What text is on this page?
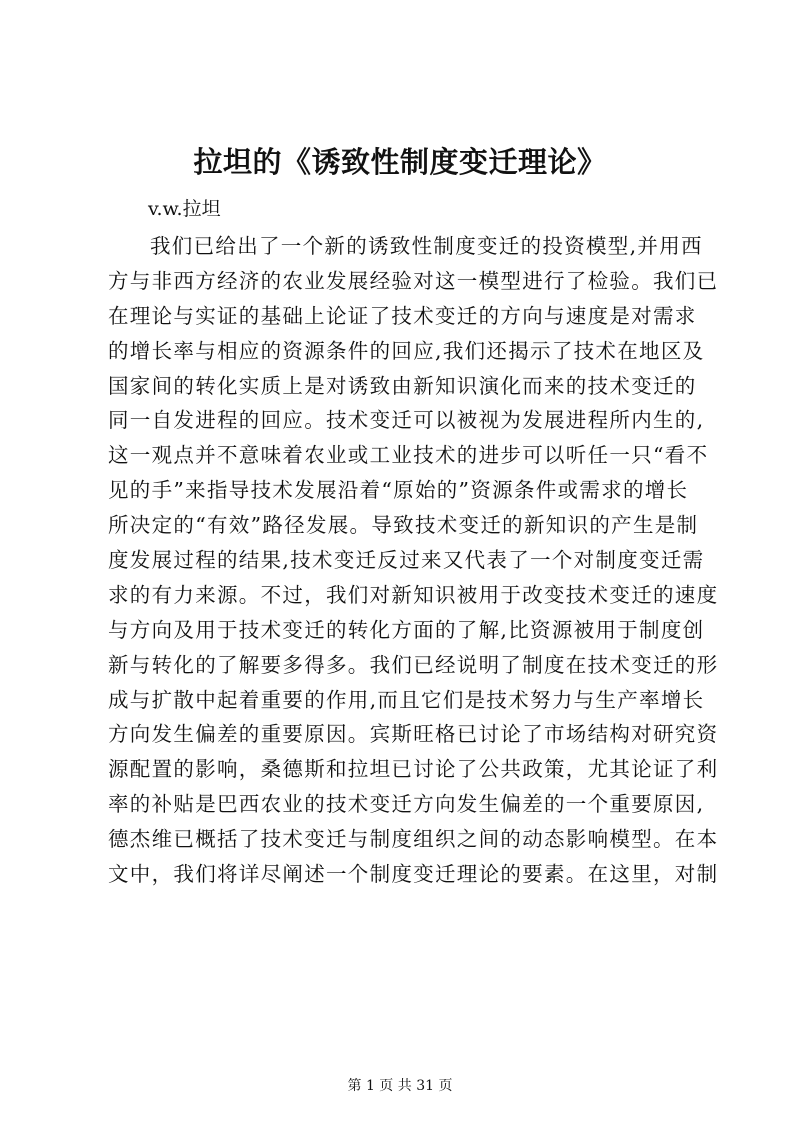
拉坦的《诱致性制度变迁理论》
v.w.拉坦
我们已给出了一个新的诱致性制度变迁的投资模型,并用西
方与非西方经济的农业发展经验对这一模型进行了检验。我们已
在理论与实证的基础上论证了技术变迁的方向与速度是对需求
的增长率与相应的资源条件的回应,我们还揭示了技术在地区及
国家间的转化实质上是对诱致由新知识演化而来的技术变迁的
同一自发进程的回应。技术变迁可以被视为发展进程所内生的,
这一观点并不意味着农业或工业技术的进步可以听任一只“看不
见的手”来指导技术发展沿着“原始的”资源条件或需求的增长
所决定的“有效”路径发展。导致技术变迁的新知识的产生是制
度发展过程的结果,技术变迁反过来又代表了一个对制度变迁需
求的有力来源。不过，我们对新知识被用于改变技术变迁的速度
与方向及用于技术变迁的转化方面的了解,比资源被用于制度创
新与转化的了解要多得多。我们已经说明了制度在技术变迁的形
成与扩散中起着重要的作用,而且它们是技术努力与生产率增长
方向发生偏差的重要原因。宾斯旺格已讨论了市场结构对研究资
源配置的影响，桑德斯和拉坦已讨论了公共政策，尤其论证了利
率的补贴是巴西农业的技术变迁方向发生偏差的一个重要原因,
德杰维已概括了技术变迁与制度组织之间的动态影响模型。在本
文中，我们将详尽阐述一个制度变迁理论的要素。在这里，对制
第 1 页 共 31 页
